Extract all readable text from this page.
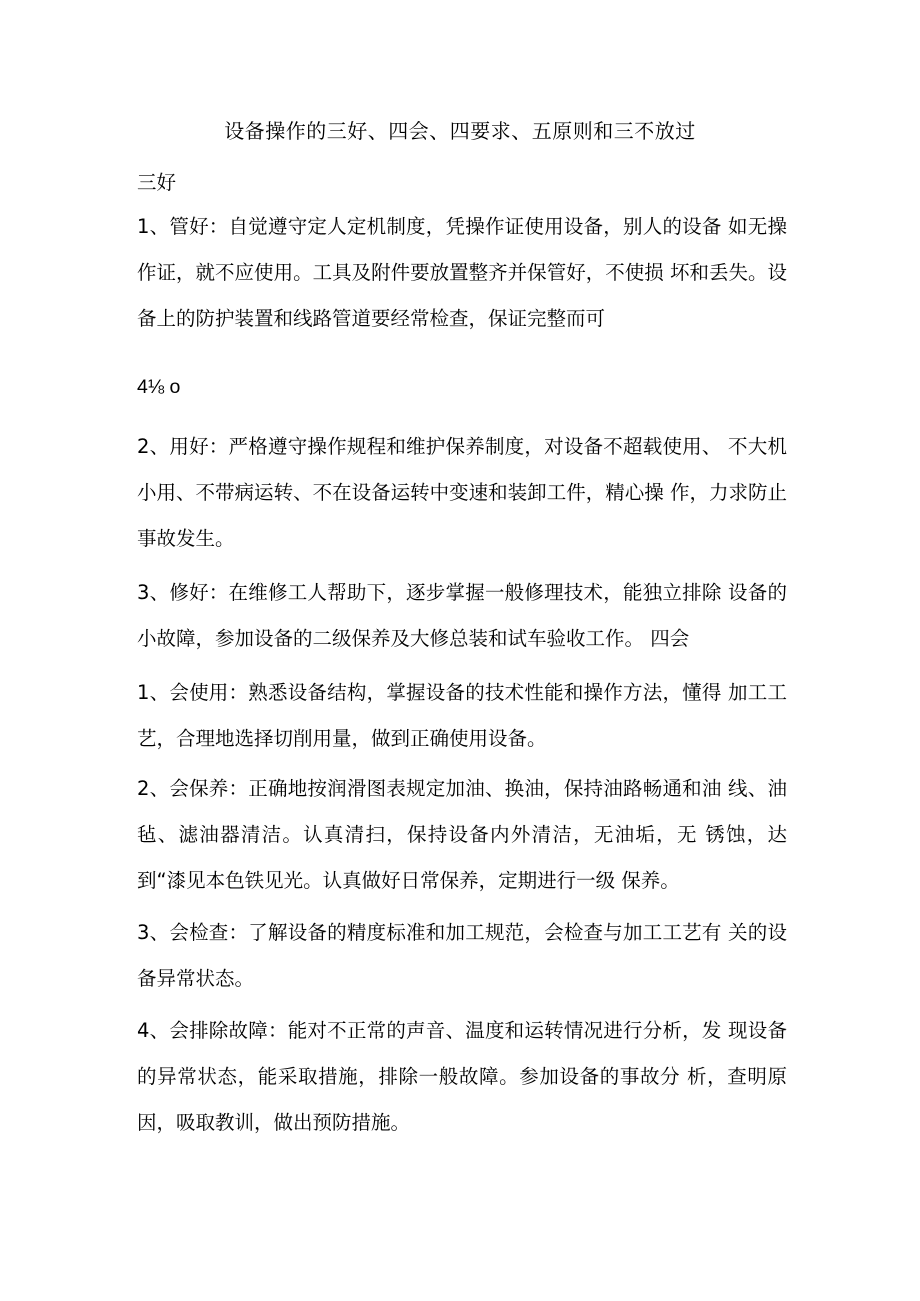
设备操作的三好、四会、四要求、五原则和三不放过
三好
1、管好：自觉遵守定人定机制度，凭操作证使用设备，别人的设备 如无操作证，就不应使用。工具及附件要放置整齐并保管好，不使损 坏和丢失。设备上的防护装置和线路管道要经常检查，保证完整而可
4⅛ o
2、用好：严格遵守操作规程和维护保养制度，对设备不超载使用、 不大机小用、不带病运转、不在设备运转中变速和装卸工件，精心操 作，力求防止事故发生。
3、修好：在维修工人帮助下，逐步掌握一般修理技术，能独立排除 设备的小故障，参加设备的二级保养及大修总装和试车验收工作。 四会
1、会使用：熟悉设备结构，掌握设备的技术性能和操作方法，懂得 加工工艺，合理地选择切削用量，做到正确使用设备。
2、会保养：正确地按润滑图表规定加油、换油，保持油路畅通和油 线、油毡、滤油器清洁。认真清扫，保持设备内外清洁，无油垢，无 锈蚀，达到“漆见本色铁见光。认真做好日常保养，定期进行一级 保养。
3、会检查：了解设备的精度标准和加工规范，会检查与加工工艺有 关的设备异常状态。
4、会排除故障：能对不正常的声音、温度和运转情况进行分析，发 现设备的异常状态，能采取措施，排除一般故障。参加设备的事故分 析，查明原因，吸取教训，做出预防措施。
